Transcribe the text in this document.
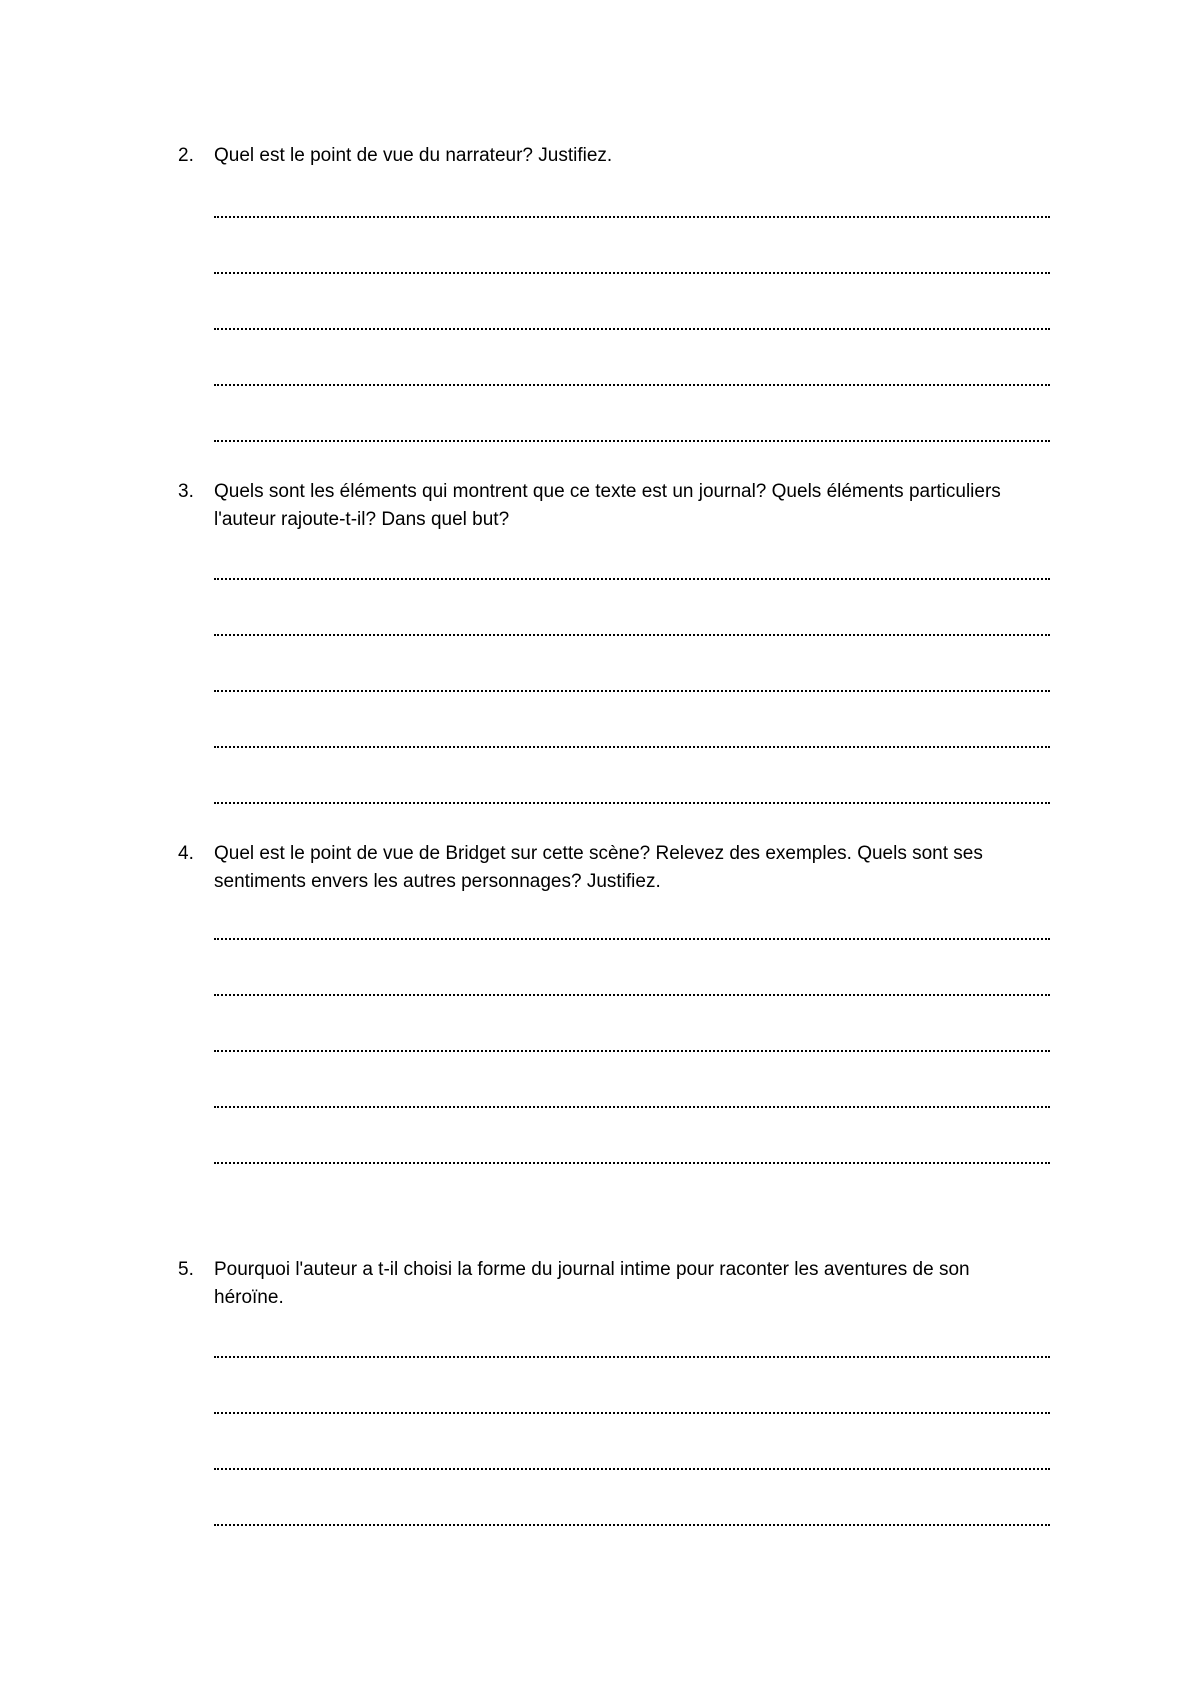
2.	Quel est le point de vue du narrateur? Justifiez.
3.	Quels sont les éléments qui montrent que ce texte est un journal? Quels éléments particuliers
l'auteur rajoute-t-il? Dans quel but?
4.	Quel est le point de vue de Bridget sur cette scène? Relevez des exemples. Quels sont ses
sentiments envers les autres personnages? Justifiez.
5.	Pourquoi l'auteur a t-il choisi la forme du journal intime pour raconter les aventures de son
héroïne.
